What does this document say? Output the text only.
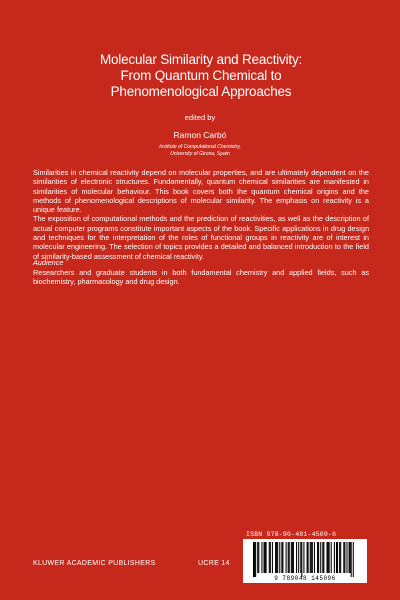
Molecular Similarity and Reactivity:
From Quantum Chemical to
Phenomenological Approaches
edited by
Ramon Carbó
Institute of Computational Chemistry,
University of Girona, Spain

Similarities in chemical reactivity depend on molecular properties, and are ultimately dependent on the similarities of electronic structures. Fundamentally, quantum chemical similarities are manifested in similarities of molecular behaviour. This book covers both the quantum chemical origins and the methods of phenomenological descriptions of molecular similarity. The emphasis on reactivity is a unique feature.

The exposition of computational methods and the prediction of reactivities, as well as the description of actual computer programs constitute important aspects of the book. Specific applications in drug design and techniques for the interpretation of the roles of functional groups in reactivity are of interest in molecular engineering. The selection of topics provides a detailed and balanced introduction to the field of similarity-based assessment of chemical reactivity.

Audience
Researchers and graduate students in both fundamental chemistry and applied fields, such as biochemistry, pharmacology and drug design.
ISBN 978-90-481-4509-6
9 789048 145096
KLUWER ACADEMIC PUBLISHERS	UCRE 14
